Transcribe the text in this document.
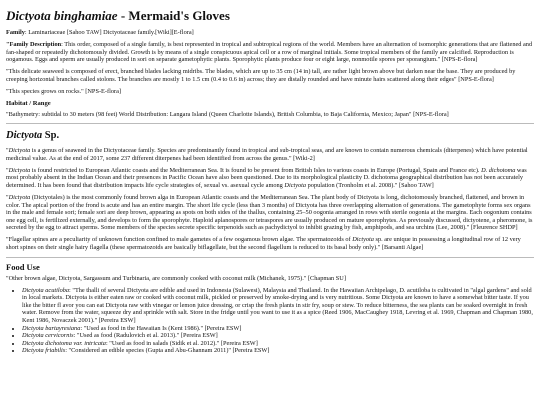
Dictyota binghamiae - Mermaid's Gloves

Family: Laminariaceae [Sahoo TAW] Dictyotaceae family.[Wiki][E-flora]

"Family Description: This order, composed of a single family, is best represented in tropical and subtropical regions of the world. Members have an alternation of isomorphic generations that are flattened and fan-shaped or repeatedly dichotomously divided. Growth is by means of a single conspicuous apical cell or a row of marginal initials. Some tropical members of the family are calcified. Reproduction is oogamous. Eggs and sperm are usually produced in sori on separate gametophytic plants. Sporophytic plants produce four or eight large, nonmotile spores per sporangium." [NPS-E-flora]

"This delicate seaweed is composed of erect, branched blades lacking midribs. The blades, which are up to 35 cm (14 in) tall, are rather light brown above but darken near the base. They are produced by creeping horizontal branches called stolons. The branches are mostly 1 to 1.5 cm (0.4 to 0.6 in) across; they are distally rounded and have minute hairs scattered along their edges" [NPS-E-flora]

"This species grows on rocks." [NPS-E-flora]

Habitat / Range

"Bathymetry: subtidal to 30 meters (98 feet) World Distribution: Langara Island (Queen Charlotte Islands), British Columbia, to Baja California, Mexico; Japan" [NPS-E-flora]

Dictyota Sp.

"Dictyota is a genus of seaweed in the Dictyotaceae family. Species are predominantly found in tropical and sub-tropical seas, and are known to contain numerous chemicals (diterpenes) which have potential medicinal value. As at the end of 2017, some 237 different diterpenes had been identified from across the genus." [Wiki-2]

"Dictyota is found restricted to European Atlantic coasts and the Mediterranean Sea. It is found to be present from British Isles to various coasts in Europe (Portugal, Spain and France etc). D. dichotoma was most probably absent in the Indian Ocean and their presences in Pacific Ocean have also been questioned. Due to its morphological plasticity D. dichotoma geographical distribution has not been accurately determined. It has been found that distribution impacts life cycle strategies of, sexual vs. asexual cycle among Dictyota population (Tronholm et al. 2008)." [Sahoo TAW]

"Dictyota (Dictyotales) is the most commonly found brown alga in European Atlantic coasts and the Mediterranean Sea. The plant body of Dictyota is long, dichotomously branched, flattened, and brown in color. The apical portion of the frond is acute and has an entire margin. The short life cycle (less than 3 months) of Dictyota has three overlapping alternation of generations. The gametophyte forms sex organs in the male and female sori; female sori are deep brown, appearing as spots on both sides of the thallus, containing 25–50 oogonia arranged in rows with sterile oogonia at the margins. Each oogonium contains one egg cell, is fertilized externally, and develops to form the sporophyte. Haploid aplanospores or tetraspores are usually produced on mature sporophytes. As previously discussed, dictyotene, a pheromone, is secreted by the egg to attract sperms. Some members of the species secrete specific terpenoids such as pachydictyol to inhibit grazing by fish, amphipods, and sea urchins (Lee, 2008)." [Fleurence SHDP]

"Flagellar spines are a peculiarity of unknown function confined to male gametes of a few oogamous brown algae. The spermatozoids of Dictyota sp. are unique in possessing a longitudinal row of 12 very short spines on their single hairy flagella (these spermatozoids are basically biflagellate, but the second flagellum is reduced to its basal body only)." [Barsanti Algae]

Food Use

"Other brown algae, Dictyota, Sargassum and Turbinaria, are commonly cooked with coconut milk (Michanek, 1975)." [Chapman SU]

• Dictyota acutiloba: "The thalli of several Dictyota are edible and used in Indonesia (Sulawesi), Malaysia and Thailand. In the Hawaiian Archipelago, D. acutiloba is cultivated in "algal gardens" and sold in local markets. Dictyota is either eaten raw or cooked with coconut milk, pickled or preserved by smoke-drying and is very nutritious. Some Dictyota are known to have a somewhat bitter taste. If you like the bitter fl avor you can eat Dictyota raw with vinegar or lemon juice dressing, or crisp the fresh plants in stir fry, soup or stew. To reduce bitterness, the sea plants can be soaked overnight in fresh water. Remove from the water, squeeze dry and sprinkle with salt. Store in the fridge until you want to use it as a spice (Reed 1906, MacCaughey 1918, Levring et al. 1969, Chapman and Chapman 1980, Kent 1986, Novaczek 2001)." [Pereira ESW]
• Dictyota bartayresiana: "Used as food in the Hawaiian Is (Kent 1986)." [Pereira ESW]
• Dictyota cervicornis: "Used as food (Radulovich et al. 2013)." [Pereira ESW]
• Dictyota dichotoma var. intricata: "Used as food in salads (Sidik et al. 2012)." [Pereira ESW]
• Dictyota friabilis: "Considered an edible species (Gupta and Abu-Ghannam 2011)" [Pereira ESW]
